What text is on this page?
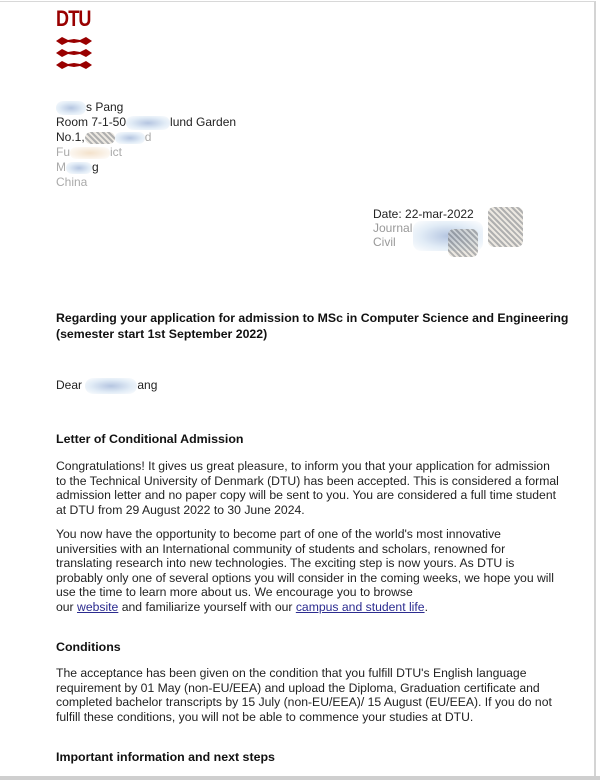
DTU
s Pang
Room 7-1-50	lund Garden
No.1,	d
Fu	ict
M g
China
Date: 22-mar-2022
Journal
Civil
Regarding your application for admission to MSc in Computer Science and Engineering (semester start 1st September 2022)
Dear	ang
Letter of Conditional Admission
Congratulations! It gives us great pleasure, to inform you that your application for admission to the Technical University of Denmark (DTU) has been accepted. This is considered a formal admission letter and no paper copy will be sent to you. You are considered a full time student at DTU from 29 August 2022 to 30 June 2024.
You now have the opportunity to become part of one of the world's most innovative universities with an International community of students and scholars, renowned for translating research into new technologies. The exciting step is now yours. As DTU is probably only one of several options you will consider in the coming weeks, we hope you will use the time to learn more about us. We encourage you to browse
our website and familiarize yourself with our campus and student life.
Conditions
The acceptance has been given on the condition that you fulfill DTU's English language requirement by 01 May (non-EU/EEA) and upload the Diploma, Graduation certificate and completed bachelor transcripts by 15 July (non-EU/EEA)/ 15 August (EU/EEA). If you do not fulfill these conditions, you will not be able to commence your studies at DTU.
Important information and next steps
